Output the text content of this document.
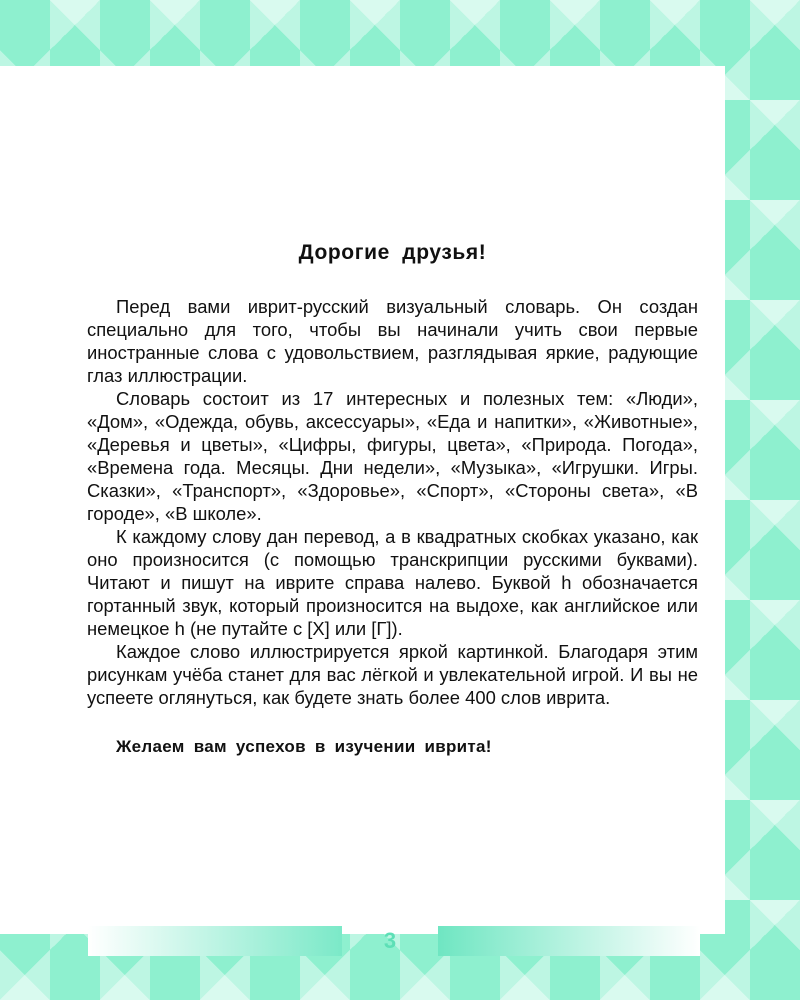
Дорогие друзья!

Перед вами иврит-русский визуальный словарь. Он создан специально для того, чтобы вы начинали учить свои первые иностранные слова с удовольствием, разглядывая яркие, радующие глаз иллюстрации.

Словарь состоит из 17 интересных и полезных тем: «Люди», «Дом», «Одежда, обувь, аксессуары», «Еда и напитки», «Животные», «Деревья и цветы», «Цифры, фигуры, цвета», «Природа. Погода», «Времена года. Месяцы. Дни недели», «Музыка», «Игрушки. Игры. Сказки», «Транспорт», «Здоровье», «Спорт», «Стороны света», «В городе», «В школе».

К каждому слову дан перевод, а в квадратных скобках указано, как оно произносится (с помощью транскрипции русскими буквами). Читают и пишут на иврите справа налево. Буквой h обозначается гортанный звук, который произносится на выдохе, как английское или немецкое h (не путайте с [Х] или [Г]).

Каждое слово иллюстрируется яркой картинкой. Благодаря этим рисункам учёба станет для вас лёгкой и увлекательной игрой. И вы не успеете оглянуться, как будете знать более 400 слов иврита.

Желаем вам успехов в изучении иврита!

3
